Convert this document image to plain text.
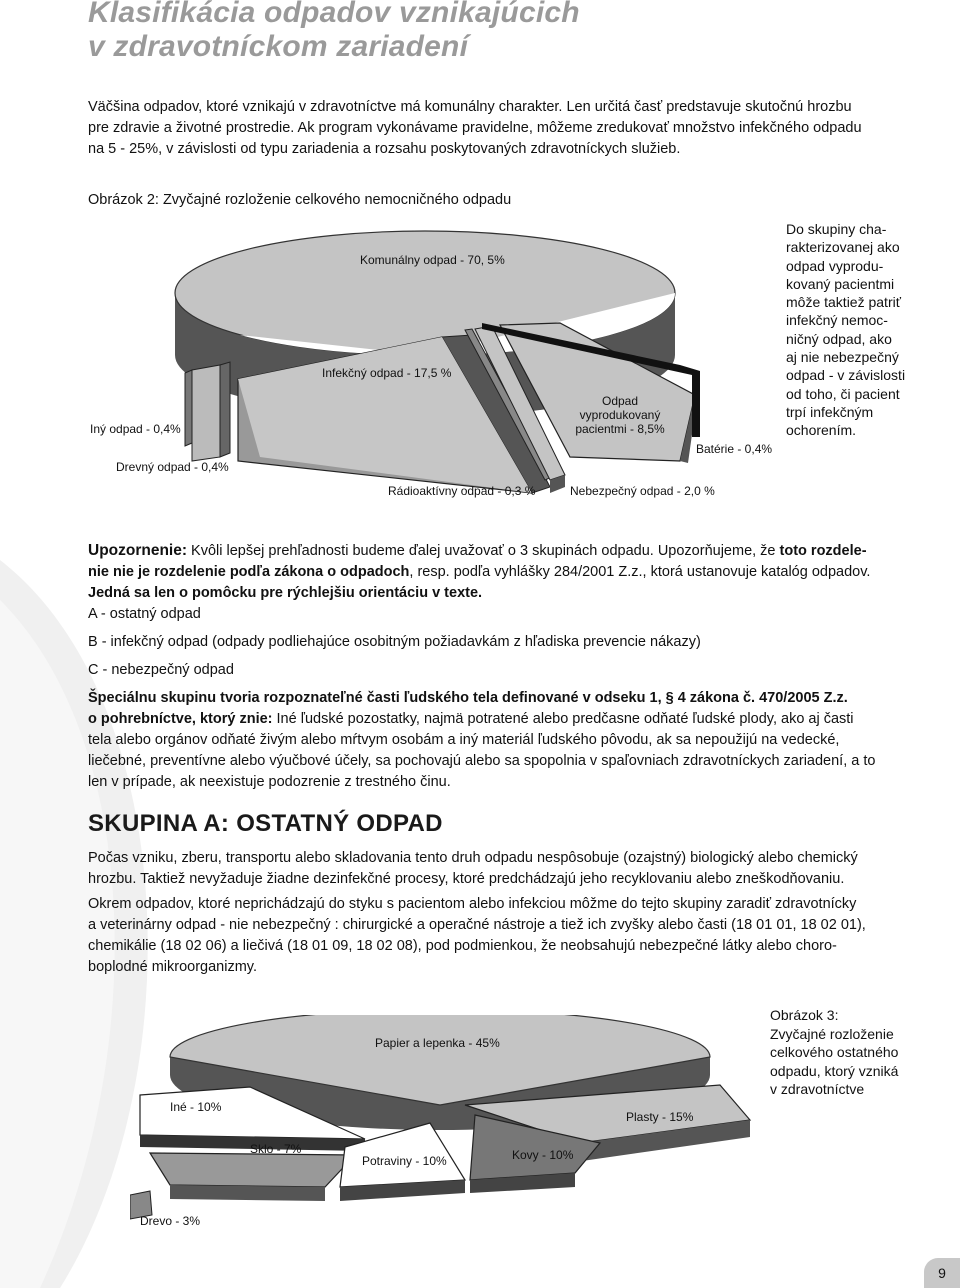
Klasifikácia odpadov vznikajúcich
v zdravotníckom zariadení
Väčšina odpadov, ktoré vznikajú v zdravotníctve má komunálny charakter. Len určitá časť predstavuje skutočnú hrozbu
pre zdravie a životné prostredie. Ak program vykonávame pravidelne, môžeme zredukovať množstvo infekčného odpadu
na 5 - 25%, v závislosti od typu zariadenia a rozsahu poskytovaných zdravotníckych služieb.
Obrázok 2: Zvyčajné rozloženie celkového nemocničného odpadu
Komunálny odpad - 70, 5%
Infekčný odpad - 17,5 %
Odpad
vyprodukovaný
pacientmi - 8,5%
Batérie - 0,4%
Iný odpad - 0,4%
Drevný odpad - 0,4%
Rádioaktívny odpad - 0,3 %	Nebezpečný odpad - 2,0 %
Do skupiny cha-
rakterizovanej ako
odpad vyprodu-
kovaný pacientmi
môže taktiež patriť
infekčný nemoc-
ničný odpad, ako
aj nie nebezpečný
odpad - v závislosti
od toho, či pacient
trpí infekčným
ochorením.
Upozornenie: Kvôli lepšej prehľadnosti budeme ďalej uvažovať o 3 skupinách odpadu. Upozorňujeme, že toto rozdele-
nie nie je rozdelenie podľa zákona o odpadoch, resp. podľa vyhlášky 284/2001 Z.z., ktorá ustanovuje katalóg odpadov.
Jedná sa len o pomôcku pre rýchlejšiu orientáciu v texte.
A - ostatný odpad
B - infekčný odpad (odpady podliehajúce osobitným požiadavkám z hľadiska prevencie nákazy)
C - nebezpečný odpad
Špeciálnu skupinu tvoria rozpoznateľné časti ľudského tela definované v odseku 1, § 4 zákona č. 470/2005 Z.z.
o pohrebníctve, ktorý znie: Iné ľudské pozostatky, najmä potratené alebo predčasne odňaté ľudské plody, ako aj časti
tela alebo orgánov odňaté živým alebo mŕtvym osobám a iný materiál ľudského pôvodu, ak sa nepoužijú na vedecké,
liečebné, preventívne alebo výučbové účely, sa pochovajú alebo sa spopolnia v spaľovniach zdravotníckych zariadení, a to
len v prípade, ak neexistuje podozrenie z trestného činu.
SKUPINA A: OSTATNÝ ODPAD
Počas vzniku, zberu, transportu alebo skladovania tento druh odpadu nespôsobuje (ozajstný) biologický alebo chemický
hrozbu. Taktiež nevyžaduje žiadne dezinfekčné procesy, ktoré predchádzajú jeho recyklovaniu alebo zneškodňovaniu.
Okrem odpadov, ktoré neprichádzajú do styku s pacientom alebo infekciou môžme do tejto skupiny zaradiť zdravotnícky
a veterinárny odpad - nie nebezpečný : chirurgické a operačné nástroje a tiež ich zvyšky alebo časti (18 01 01, 18 02 01),
chemikálie (18 02 06) a liečivá (18 01 09, 18 02 08), pod podmienkou, že neobsahujú nebezpečné látky alebo choro-
boplodné mikroorganizmy.
Papier a lepenka - 45%
Iné - 10%
Plasty - 15%
Sklo - 7%
Potraviny - 10%	Kovy - 10%
Drevo - 3%
Obrázok 3:
Zvyčajné rozloženie
celkového ostatného
odpadu, ktorý vzniká
v zdravotníctve
9
